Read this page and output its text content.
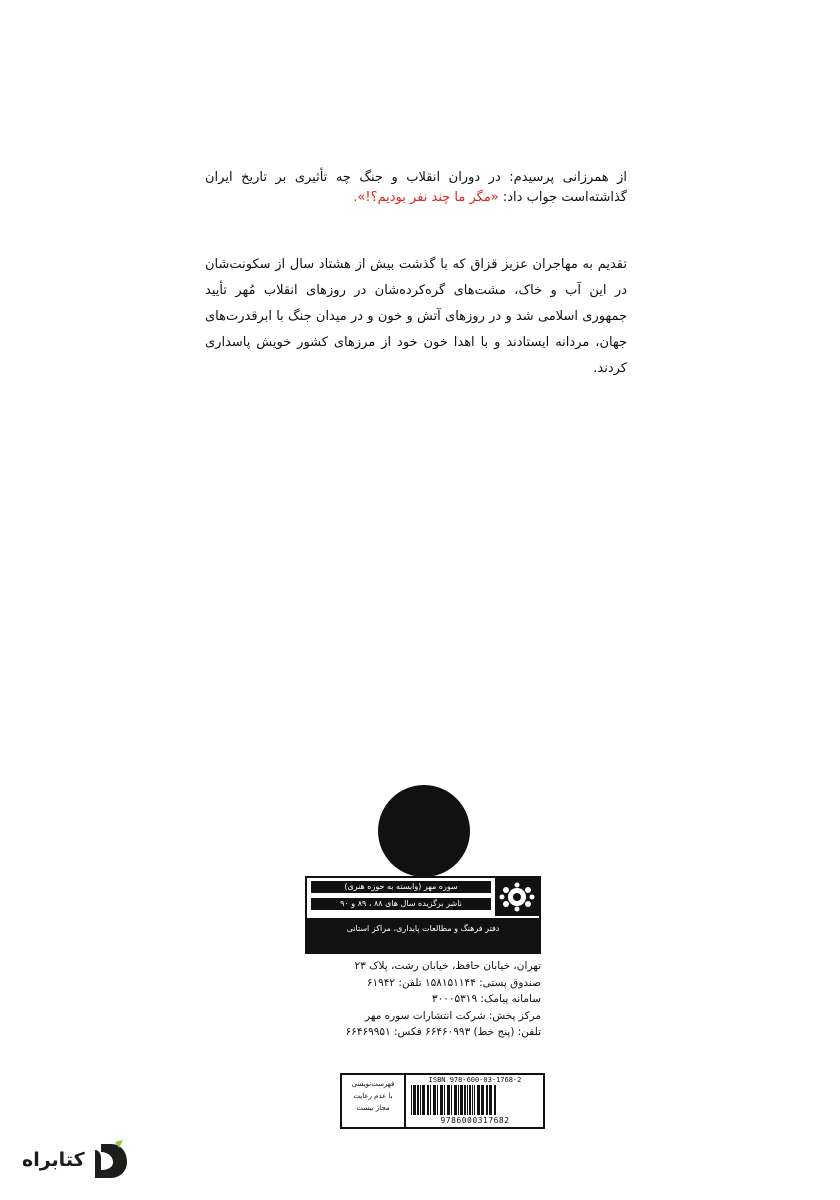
از همرزانی پرسیدم: در دوران انقلاب و جنگ چه تأثیری بر تاریخ ایران گذاشته‌است جواب داد: «مگر ما چند نفر بودیم؟!».

تقدیم به مهاجران عزیز قزاق که با گذشت بیش از هشتاد سال از سکونت‌شان در این آب و خاک، مشت‌های گره‌کرده‌شان در روزهای انقلاب مُهر تأیید جمهوری اسلامی شد و در روزهای آتش و خون و در میدان جنگ با ابرقدرت‌های جهان، مردانه ایستادند و با اهدا خون خود از مرزهای کشور خویش پاسداری کردند.

سوره مهر (وابسته به حوزه هنری)
ناشر برگزیده سال های ۸۸ ، ۸۹ و ۹۰
دفتر فرهنگ و مطالعات پایداری، مراکز استانی
تهران، خیابان حافظ، خیابان رشت، پلاک ۲۳
صندوق پستی: ۱۵۸۱۵۱۱۴۴ تلفن: ۶۱۹۴۲
سامانه پیامک: ۳۰۰۰۵۳۱۹
مرکز پخش: شرکت انتشارات سوره مهر
تلفن: (پنج خط) ۶۶۴۶۰۹۹۳ فکس: ۶۶۴۶۹۹۵۱
فهرست‌نویسی
با عدم رعایت
مجاز نیست
ISBN 978-600-03-1768-2
9786000317682
کتابراه
